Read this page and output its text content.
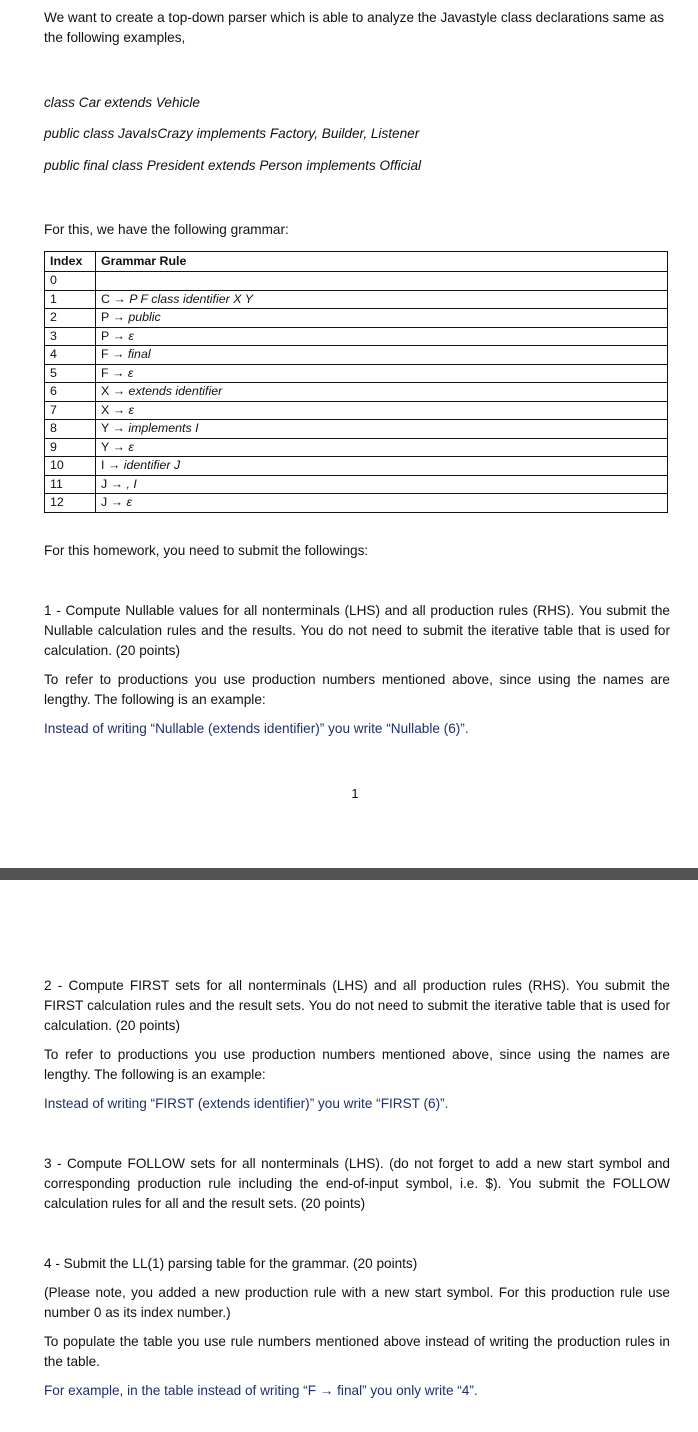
We want to create a top-down parser which is able to analyze the Javastyle class declarations same as the following examples,
class Car extends Vehicle
public class JavaIsCrazy implements Factory, Builder, Listener
public final class President extends Person implements Official
For this, we have the following grammar:
Index	Grammar Rule
0	
1	C → P F class identifier X Y
2	P → public
3	P → ε
4	F → final
5	F → ε
6	X → extends identifier
7	X → ε
8	Y → implements I
9	Y → ε
10	I → identifier J
11	J → , I
12	J → ε
For this homework, you need to submit the followings:
1 - Compute Nullable values for all nonterminals (LHS) and all production rules (RHS). You submit the Nullable calculation rules and the results. You do not need to submit the iterative table that is used for calculation. (20 points)
To refer to productions you use production numbers mentioned above, since using the names are lengthy. The following is an example:
Instead of writing “Nullable (extends identifier)” you write “Nullable (6)”.
1
2 - Compute FIRST sets for all nonterminals (LHS) and all production rules (RHS). You submit the FIRST calculation rules and the result sets. You do not need to submit the iterative table that is used for calculation. (20 points)
To refer to productions you use production numbers mentioned above, since using the names are lengthy. The following is an example:
Instead of writing “FIRST (extends identifier)” you write “FIRST (6)”.
3 - Compute FOLLOW sets for all nonterminals (LHS). (do not forget to add a new start symbol and corresponding production rule including the end-of-input symbol, i.e. $). You submit the FOLLOW calculation rules for all and the result sets. (20 points)
4 - Submit the LL(1) parsing table for the grammar. (20 points)
(Please note, you added a new production rule with a new start symbol. For this production rule use number 0 as its index number.)
To populate the table you use rule numbers mentioned above instead of writing the production rules in the table.
For example, in the table instead of writing “F → final” you only write “4”.
